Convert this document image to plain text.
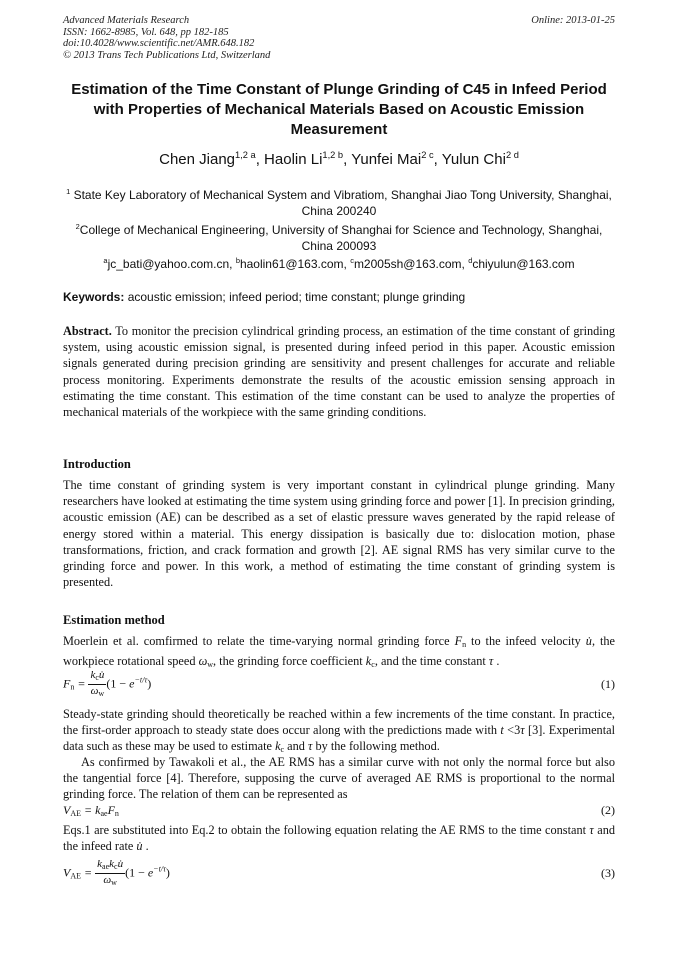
Advanced Materials Research
ISSN: 1662-8985, Vol. 648, pp 182-185
doi:10.4028/www.scientific.net/AMR.648.182
© 2013 Trans Tech Publications Ltd, Switzerland
Online: 2013-01-25
Estimation of the Time Constant of Plunge Grinding of C45 in Infeed Period with Properties of Mechanical Materials Based on Acoustic Emission Measurement
Chen Jiang$^{1,2 a}$, Haolin $Li^{1,2 b}$, Yunfei Mai$^{2 c}$, Yulun Chi$^{2 d}$
$^1$ State Key Laboratory of Mechanical System and Vibratiom, Shanghai Jiao Tong University, Shanghai, China 200240
$^2$College of Mechanical Engineering, University of Shanghai for Science and Technology, Shanghai, China 200093
$^a$jc_bati@yahoo.com.cn, $^b$haolin61@163.com, $^c$m2005sh@163.com, $^d$chiyulun@163.com
Keywords: acoustic emission; infeed period; time constant; plunge grinding
Abstract. To monitor the precision cylindrical grinding process, an estimation of the time constant of grinding system, using acoustic emission signal, is presented during infeed period in this paper. Acoustic emission signals generated during precision grinding are sensitivity and present challenges for accurate and reliable process monitoring. Experiments demonstrate the results of the acoustic emission sensing approach in estimating the time constant. This estimation of the time constant can be used to analyze the properties of mechanical materials of the workpiece with the same grinding conditions.
Introduction
The time constant of grinding system is very important constant in cylindrical plunge grinding. Many researchers have looked at estimating the time system using grinding force and power [1]. In precision grinding, acoustic emission (AE) can be described as a set of elastic pressure waves generated by the rapid release of energy stored within a material. This energy dissipation is basically due to: dislocation motion, phase transformations, friction, and crack formation and growth [2]. AE signal RMS has very similar curve to the grinding force and power. In this work, a method of estimating the time constant of grinding system is presented.
Estimation method
Moerlein et al. comfirmed to relate the time-varying normal grinding force $F_n$ to the infeed velocity u̇, the workpiece rotational speed $\omega_w$, the grinding force coefficient $k_c$, and the time constant τ .
$F_n = \frac{k_cu̇}{\omega_w} (1 - e^{-t/\tau})$	(1)
Steady-state grinding should theoretically be reached within a few increments of the time constant. In practice, the first-order approach to steady state does occur along with the predictions made with t <3τ [3]. Experimental data such as these may be used to estimate $k_c$ and τ by the following method.
As confirmed by Tawakoli et al., the AE RMS has a similar curve with not only the normal force but also the tangential force [4]. Therefore, supposing the curve of averaged AE RMS is proportional to the normal grinding force. The relation of them can be represented as
$V_{AE} = k_{ae}F_n$	(2)
Eqs.1 are substituted into Eq.2 to obtain the following equation relating the AE RMS to the time constant τ and the infeed rate u̇ .
$V_{AE} = \frac{k_{ae}k_cu̇}{\omega_w} (1 - e^{-t/\tau})$	(3)
